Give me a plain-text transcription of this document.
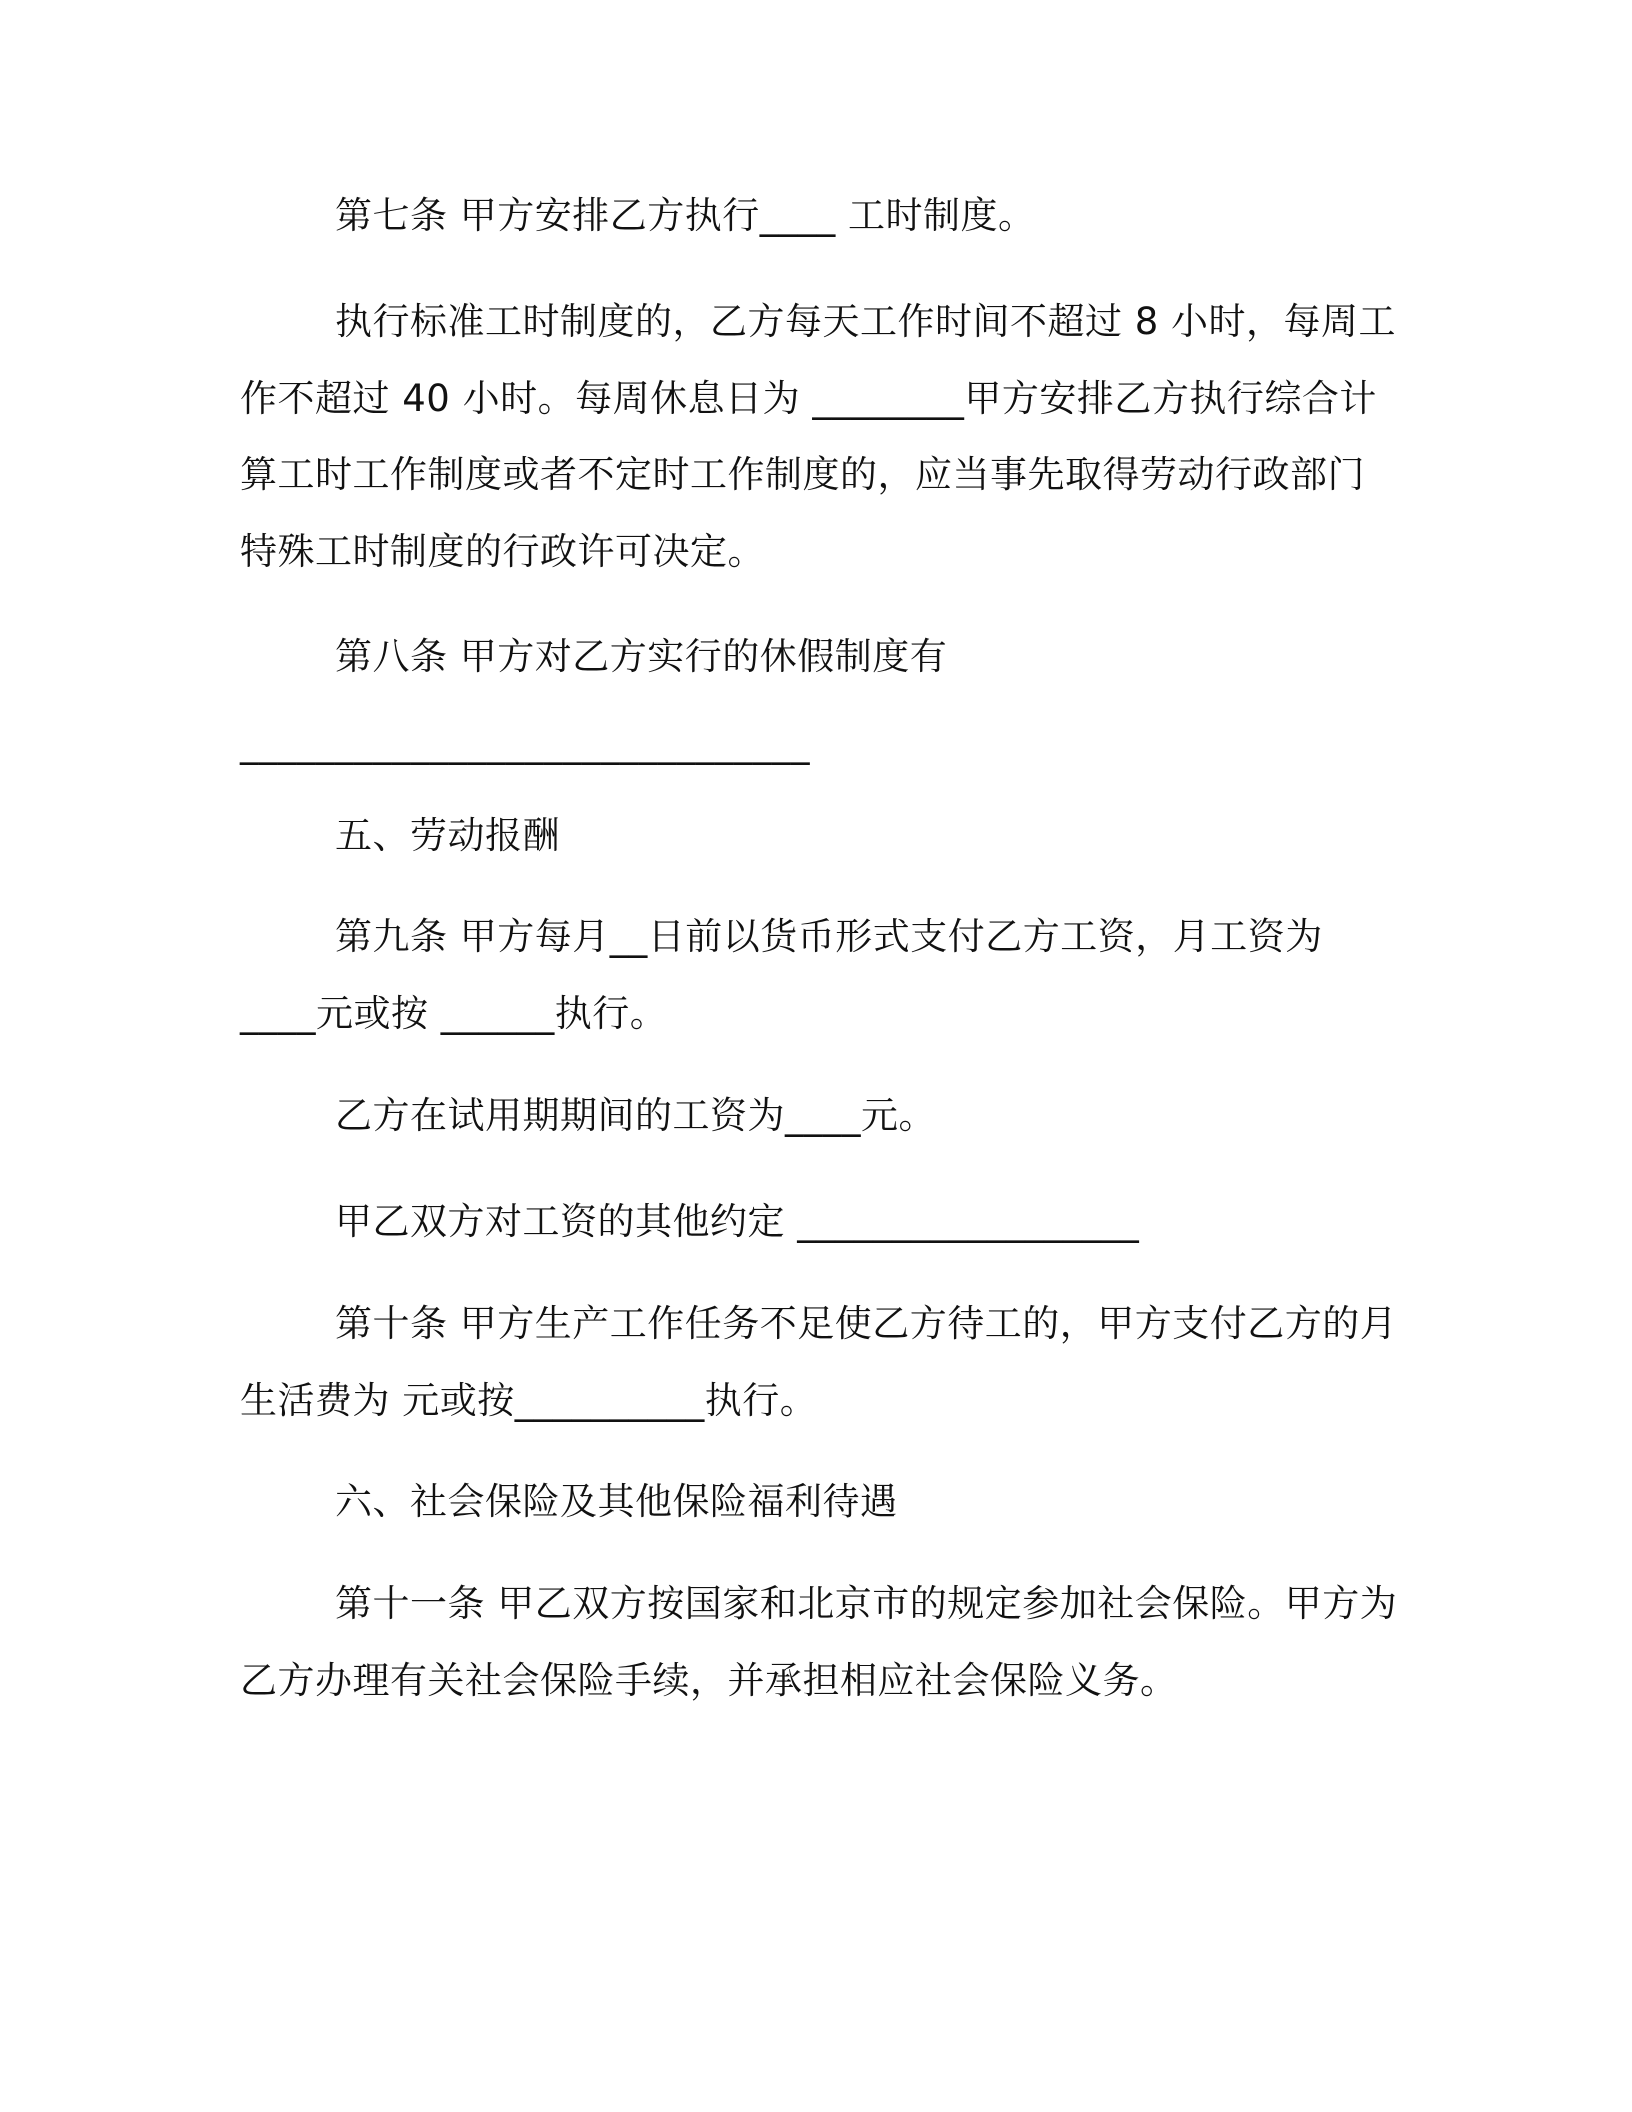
第七条 甲方安排乙方执行____ 工时制度。
执行标准工时制度的，乙方每天工作时间不超过 8 小时，每周工
作不超过 40 小时。每周休息日为 ________甲方安排乙方执行综合计
算工时工作制度或者不定时工作制度的，应当事先取得劳动行政部门
特殊工时制度的行政许可决定。
第八条 甲方对乙方实行的休假制度有
______________________________
五、劳动报酬
第九条 甲方每月__日前以货币形式支付乙方工资，月工资为
____元或按 ______执行。
乙方在试用期期间的工资为____元。
甲乙双方对工资的其他约定 __________________
第十条 甲方生产工作任务不足使乙方待工的，甲方支付乙方的月
生活费为 元或按__________执行。
六、社会保险及其他保险福利待遇
第十一条 甲乙双方按国家和北京市的规定参加社会保险。甲方为
乙方办理有关社会保险手续，并承担相应社会保险义务。
